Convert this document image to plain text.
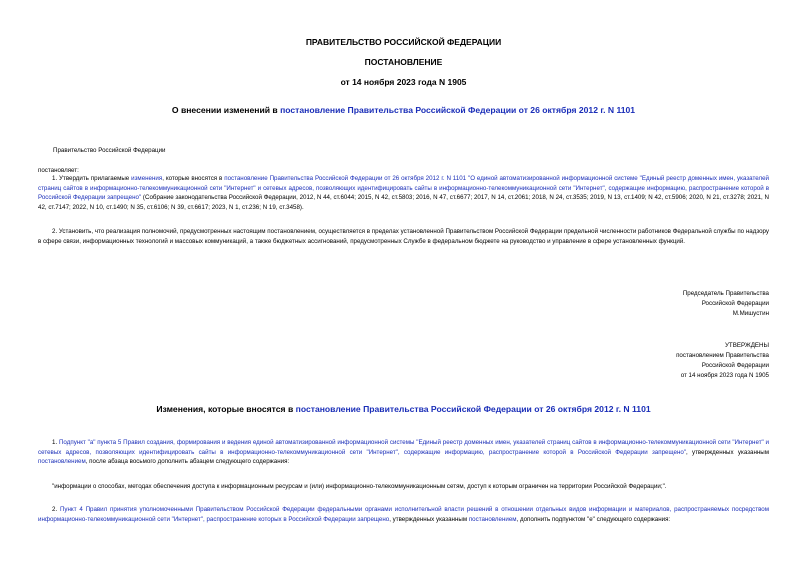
ПРАВИТЕЛЬСТВО РОССИЙСКОЙ ФЕДЕРАЦИИ
ПОСТАНОВЛЕНИЕ
от 14 ноября 2023 года N 1905
О внесении изменений в постановление Правительства Российской Федерации от 26 октября 2012 г. N 1101
Правительство Российской Федерации
постановляет:
1. Утвердить прилагаемые изменения, которые вносятся в постановление Правительства Российской Федерации от 26 октября 2012 г. N 1101 "О единой автоматизированной информационной системе "Единый реестр доменных имен, указателей страниц сайтов в информационно-телекоммуникационной сети "Интернет" и сетевых адресов, позволяющих идентифицировать сайты в информационно-телекоммуникационной сети "Интернет", содержащие информацию, распространение которой в Российской Федерации запрещено" (Собрание законодательства Российской Федерации, 2012, N 44, ст.6044; 2015, N 42, ст.5803; 2016, N 47, ст.6677; 2017, N 14, ст.2061; 2018, N 24, ст.3535; 2019, N 13, ст.1409; N 42, ст.5906; 2020, N 21, ст.3278; 2021, N 42, ст.7147; 2022, N 10, ст.1490; N 35, ст.6106; N 39, ст.6617; 2023, N 1, ст.236; N 19, ст.3458).
2. Установить, что реализация полномочий, предусмотренных настоящим постановлением, осуществляется в пределах установленной Правительством Российской Федерации предельной численности работников Федеральной службы по надзору в сфере связи, информационных технологий и массовых коммуникаций, а также бюджетных ассигнований, предусмотренных Службе в федеральном бюджете на руководство и управление в сфере установленных функций.
Председатель Правительства
Российской Федерации
М.Мишустин
УТВЕРЖДЕНЫ
постановлением Правительства
Российской Федерации
от 14 ноября 2023 года N 1905
Изменения, которые вносятся в постановление Правительства Российской Федерации от 26 октября 2012 г. N 1101
1. Подпункт "а" пункта 5 Правил создания, формирования и ведения единой автоматизированной информационной системы "Единый реестр доменных имен, указателей страниц сайтов в информационно-телекоммуникационной сети "Интернет" и сетевых адресов, позволяющих идентифицировать сайты в информационно-телекоммуникационной сети "Интернет", содержащие информацию, распространение которой в Российской Федерации запрещено", утвержденных указанным постановлением, после абзаца восьмого дополнить абзацем следующего содержания:
"информации о способах, методах обеспечения доступа к информационным ресурсам и (или) информационно-телекоммуникационным сетям, доступ к которым ограничен на территории Российской Федерации;".
2. Пункт 4 Правил принятия уполномоченными Правительством Российской Федерации федеральными органами исполнительной власти решений в отношении отдельных видов информации и материалов, распространяемых посредством информационно-телекоммуникационной сети "Интернет", распространение которых в Российской Федерации запрещено, утвержденных указанным постановлением, дополнить подпунктом "е" следующего содержания:
